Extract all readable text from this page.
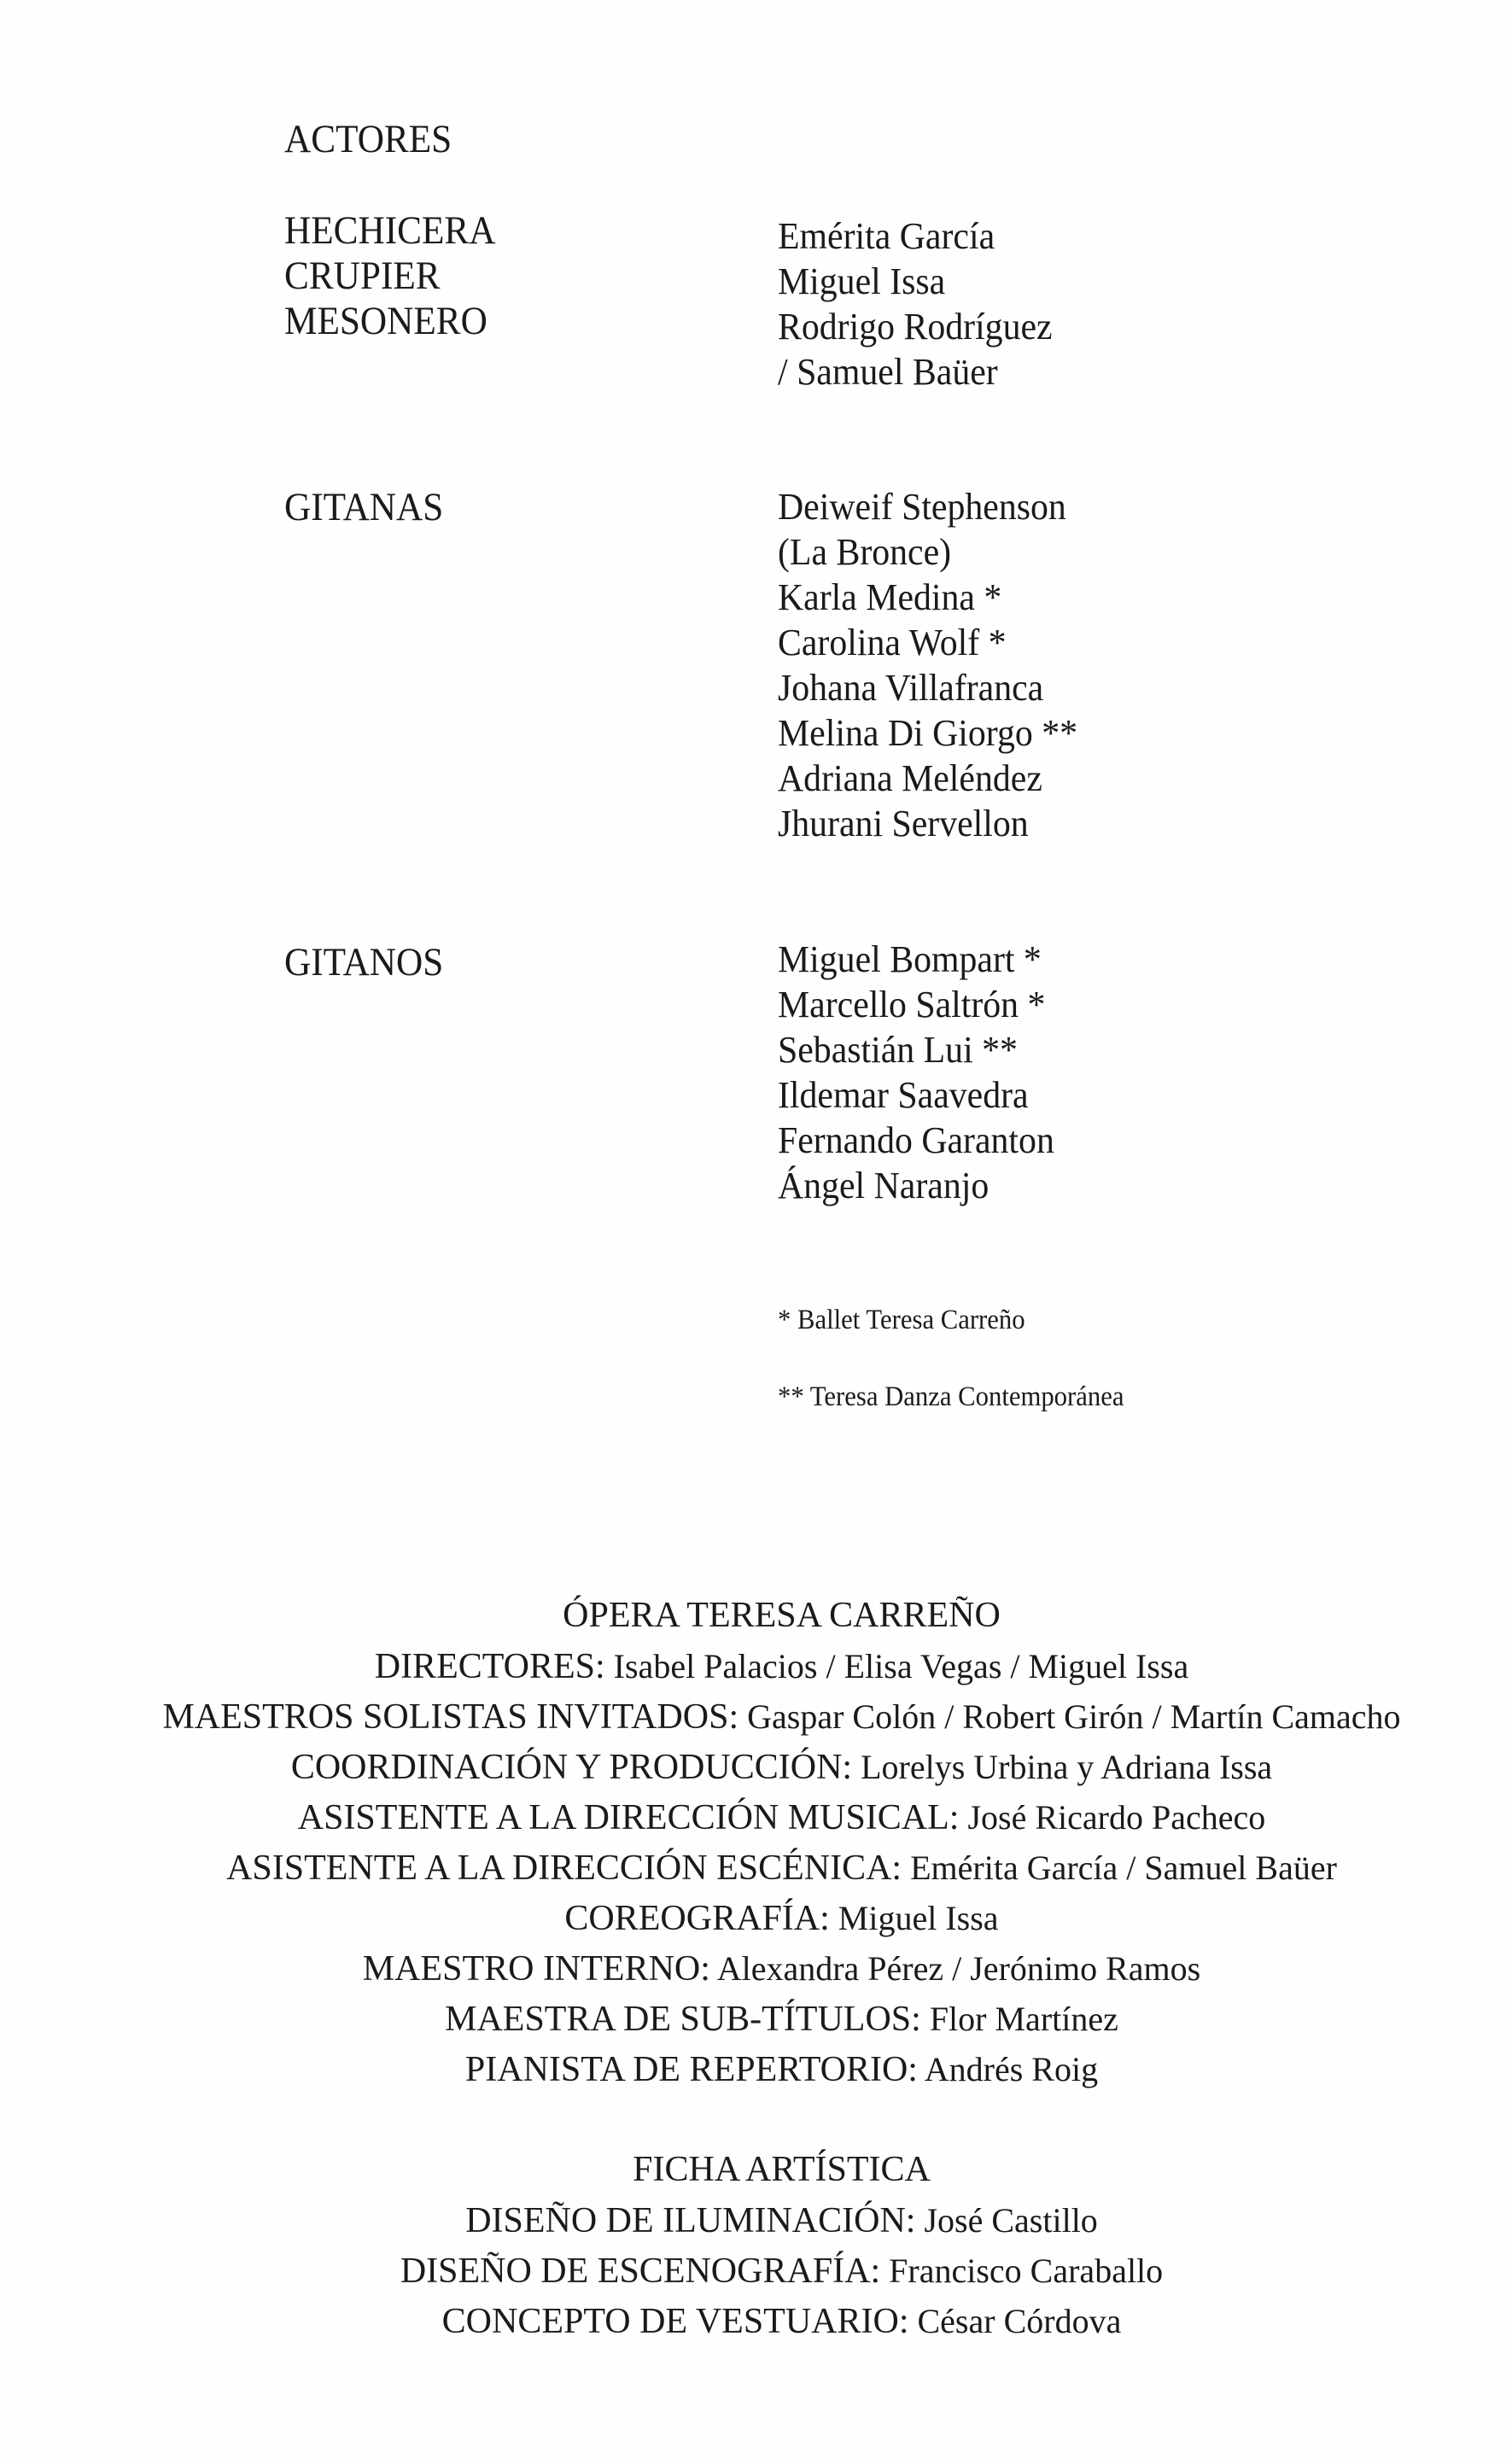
ACTORES
HECHICERA
CRUPIER
MESONERO
Emérita García
Miguel Issa
Rodrigo Rodríguez
/ Samuel Baüer
GITANAS	Deiweif Stephenson
(La Bronce)
Karla Medina *
Carolina Wolf *
Johana Villafranca
Melina Di Giorgo **
Adriana Meléndez
Jhurani Servellon
GITANOS	Miguel Bompart *
Marcello Saltrón *
Sebastián Lui **
Ildemar Saavedra
Fernando Garanton
Ángel Naranjo
* Ballet Teresa Carreño
** Teresa Danza Contemporánea
ÓPERA TERESA CARREÑO
DIRECTORES: Isabel Palacios / Elisa Vegas / Miguel Issa
MAESTROS SOLISTAS INVITADOS: Gaspar Colón / Robert Girón / Martín Camacho
COORDINACIÓN Y PRODUCCIÓN: Lorelys Urbina y Adriana Issa
ASISTENTE A LA DIRECCIÓN MUSICAL: José Ricardo Pacheco
ASISTENTE A LA DIRECCIÓN ESCÉNICA: Emérita García / Samuel Baüer
COREOGRAFÍA: Miguel Issa
MAESTRO INTERNO: Alexandra Pérez / Jerónimo Ramos
MAESTRA DE SUB-TÍTULOS: Flor Martínez
PIANISTA DE REPERTORIO: Andrés Roig
FICHA ARTÍSTICA
DISEÑO DE ILUMINACIÓN: José Castillo
DISEÑO DE ESCENOGRAFÍA: Francisco Caraballo
CONCEPTO DE VESTUARIO: César Córdova
